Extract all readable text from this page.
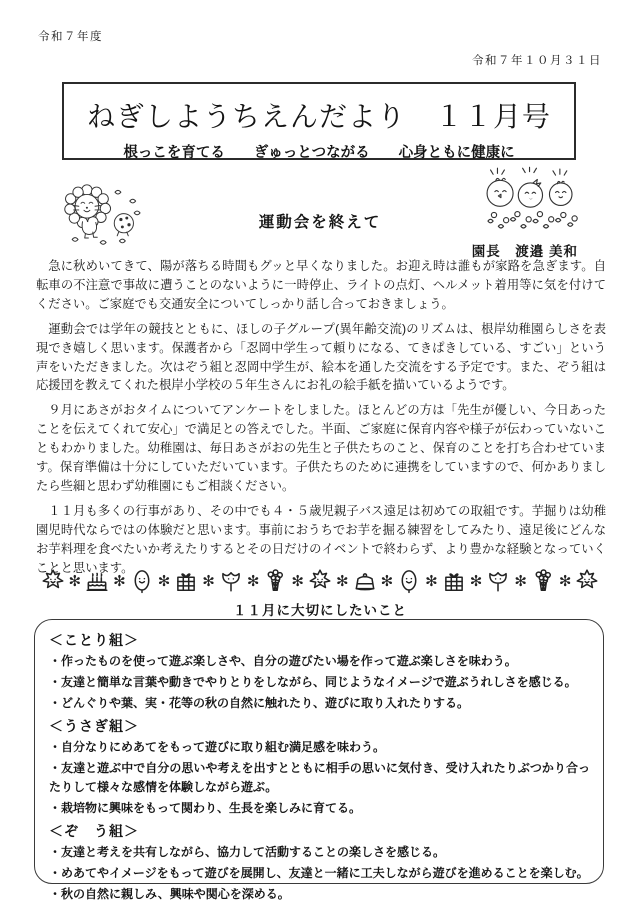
令和７年度
令和７年１０月３１日
ねぎしようちえんだより　１１月号
根っこを育てる　　ぎゅっとつながる　　心身ともに健康に
運動会を終えて
園長　渡邉 美和

急に秋めいてきて、陽が落ちる時間もグッと早くなりました。お迎え時は誰もが家路を急ぎます。自転車の不注意で事故に遭うことのないように一時停止、ライトの点灯、ヘルメット着用等に気を付けてください。ご家庭でも交通安全についてしっかり話し合っておきましょう。

運動会では学年の競技とともに、ほしの子グループ(異年齢交流)のリズムは、根岸幼稚園らしさを表現でき嬉しく思います。保護者から「忍岡中学生って頼りになる、てきぱきしている、すごい」という声をいただきました。次はぞう組と忍岡中学生が、絵本を通した交流をする予定です。また、ぞう組は応援団を教えてくれた根岸小学校の５年生さんにお礼の絵手紙を描いているようです。

９月にあさがおタイムについてアンケートをしました。ほとんどの方は「先生が優しい、今日あったことを伝えてくれて安心」で満足との答えでした。半面、ご家庭に保育内容や様子が伝わっていないこともわかりました。幼稚園は、毎日あさがおの先生と子供たちのこと、保育のことを打ち合わせています。保育準備は十分にしていただいています。子供たちのために連携をしていますので、何かありましたら些細と思わず幼稚園にもご相談ください。

１１月も多くの行事があり、その中でも４・５歳児親子バス遠足は初めての取組です。芋掘りは幼稚園児時代ならではの体験だと思います。事前におうちでお芋を掘る練習をしてみたり、遠足後にどんなお芋料理を食べたいか考えたりするとその日だけのイベントで終わらず、より豊かな経験となっていくことと思います。

✻ ✻ ✻ ✻ ✻ ✻ ✻ ✻ ✻ ✻ ✻ ✻
１１月に大切にしたいこと
＜ことり組＞
・作ったものを使って遊ぶ楽しさや、自分の遊びたい場を作って遊ぶ楽しさを味わう。
・友達と簡単な言葉や動きでやりとりをしながら、同じようなイメージで遊ぶうれしさを感じる。
・どんぐりや葉、実・花等の秋の自然に触れたり、遊びに取り入れたりする。
＜うさぎ組＞
・自分なりにめあてをもって遊びに取り組む満足感を味わう。
・友達と遊ぶ中で自分の思いや考えを出すとともに相手の思いに気付き、受け入れたりぶつかり合ったりして様々な感情を体験しながら遊ぶ。
・栽培物に興味をもって関わり、生長を楽しみに育てる。
＜ぞ　う組＞
・友達と考えを共有しながら、協力して活動することの楽しさを感じる。
・めあてやイメージをもって遊びを展開し、友達と一緒に工夫しながら遊びを進めることを楽しむ。
・秋の自然に親しみ、興味や関心を深める。
